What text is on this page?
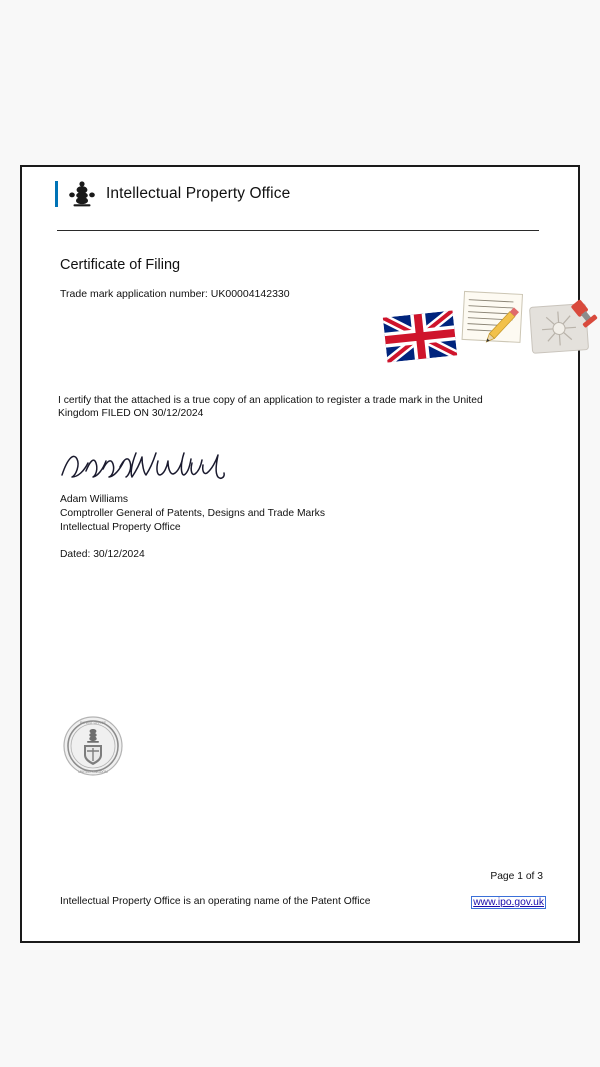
Intellectual Property Office
Certificate of Filing
Trade mark application number: UK00004142330
I certify that the attached is a true copy of an application to register a trade mark in the United Kingdom FILED ON 30/12/2024
Adam Williams
Comptroller General of Patents, Designs and Trade Marks
Intellectual Property Office
Dated: 30/12/2024
PATENT OFFICE
UNITED KINGDOM
Page 1 of 3
Intellectual Property Office is an operating name of the Patent Office	www.ipo.gov.uk
